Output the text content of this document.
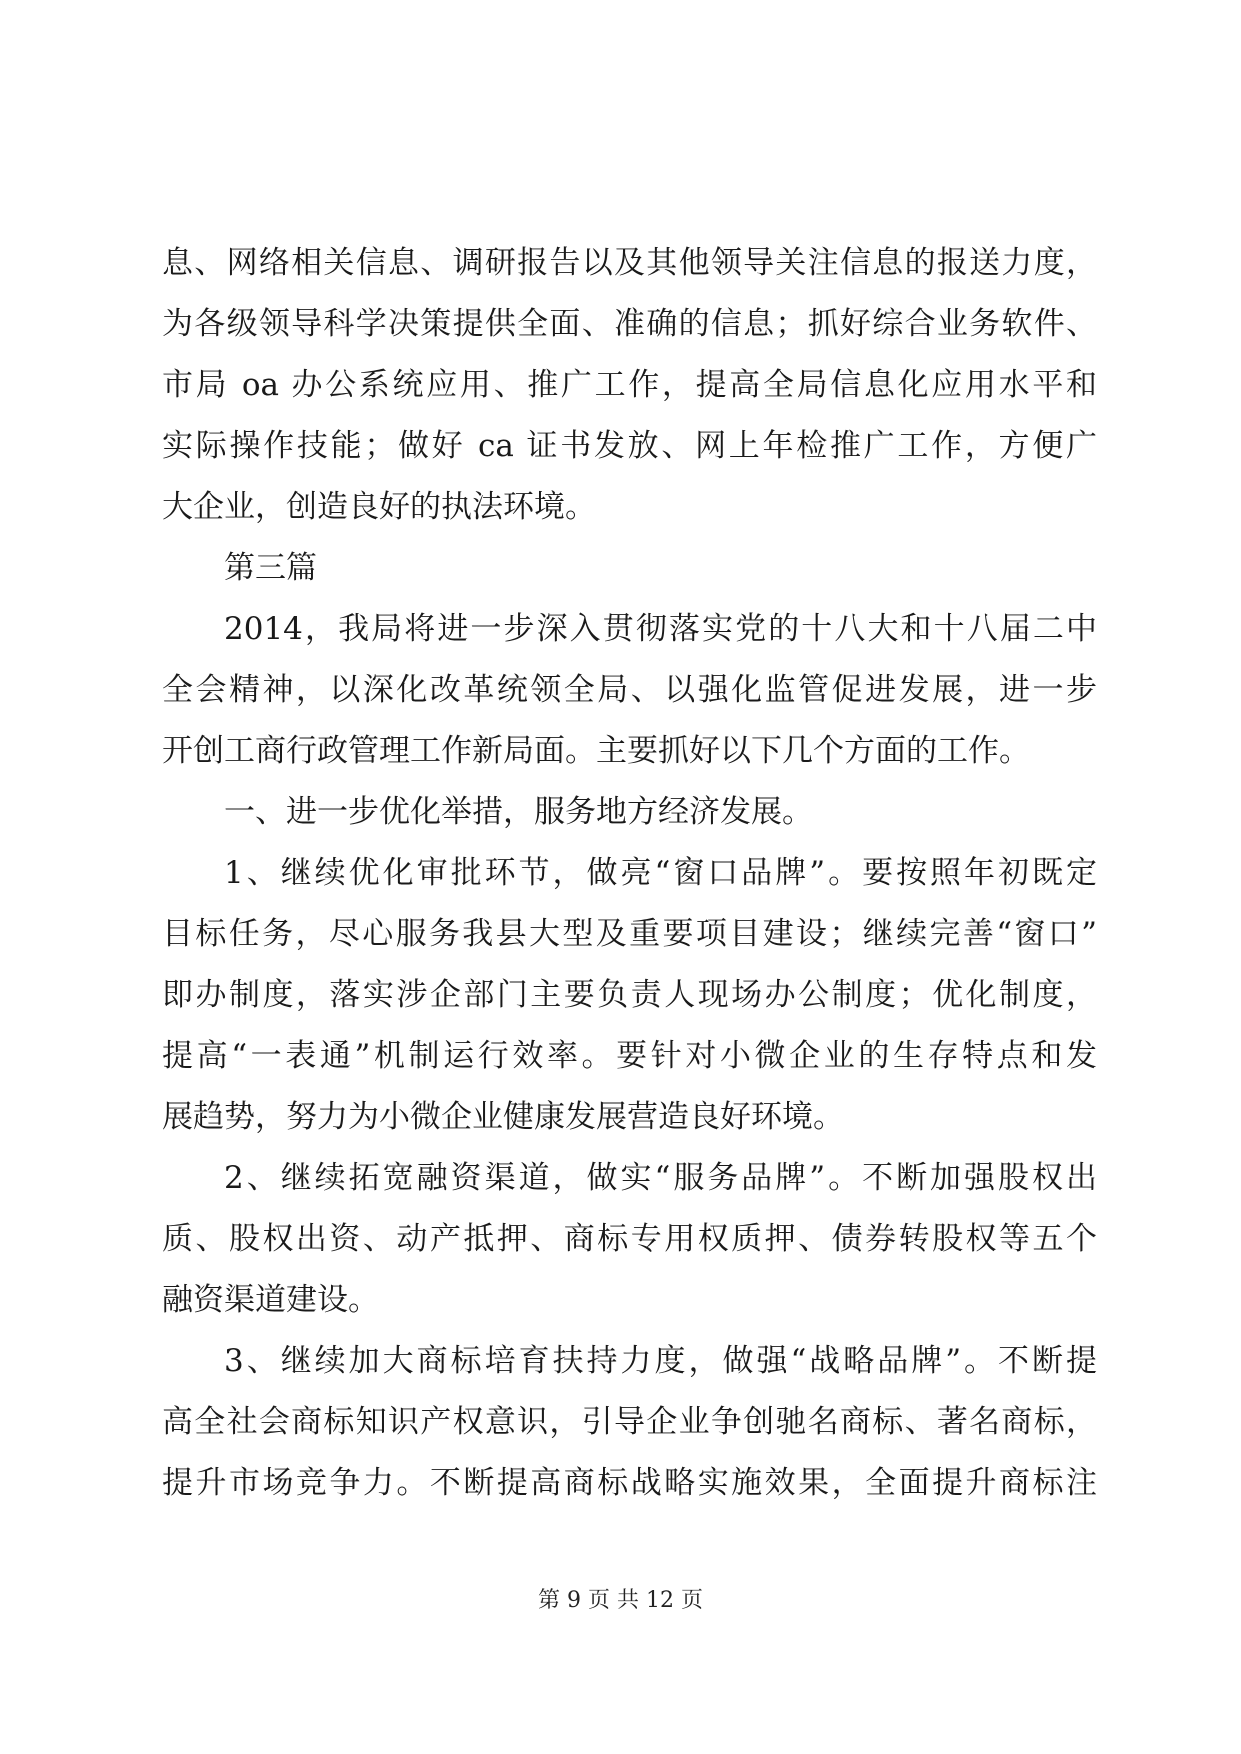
息、网络相关信息、调研报告以及其他领导关注信息的报送力度，
为各级领导科学决策提供全面、准确的信息；抓好综合业务软件、
市局 oa 办公系统应用、推广工作，提高全局信息化应用水平和
实际操作技能；做好 ca 证书发放、网上年检推广工作，方便广
大企业，创造良好的执法环境。
第三篇
2014，我局将进一步深入贯彻落实党的十八大和十八届二中
全会精神，以深化改革统领全局、以强化监管促进发展，进一步
开创工商行政管理工作新局面。主要抓好以下几个方面的工作。
一、进一步优化举措，服务地方经济发展。
1、继续优化审批环节，做亮“窗口品牌”。要按照年初既定
目标任务，尽心服务我县大型及重要项目建设；继续完善“窗口”
即办制度，落实涉企部门主要负责人现场办公制度；优化制度，
提高“一表通”机制运行效率。要针对小微企业的生存特点和发
展趋势，努力为小微企业健康发展营造良好环境。
2、继续拓宽融资渠道，做实“服务品牌”。不断加强股权出
质、股权出资、动产抵押、商标专用权质押、债券转股权等五个
融资渠道建设。
3、继续加大商标培育扶持力度，做强“战略品牌”。不断提
高全社会商标知识产权意识，引导企业争创驰名商标、著名商标，
提升市场竞争力。不断提高商标战略实施效果，全面提升商标注
第 9 页 共 12 页
